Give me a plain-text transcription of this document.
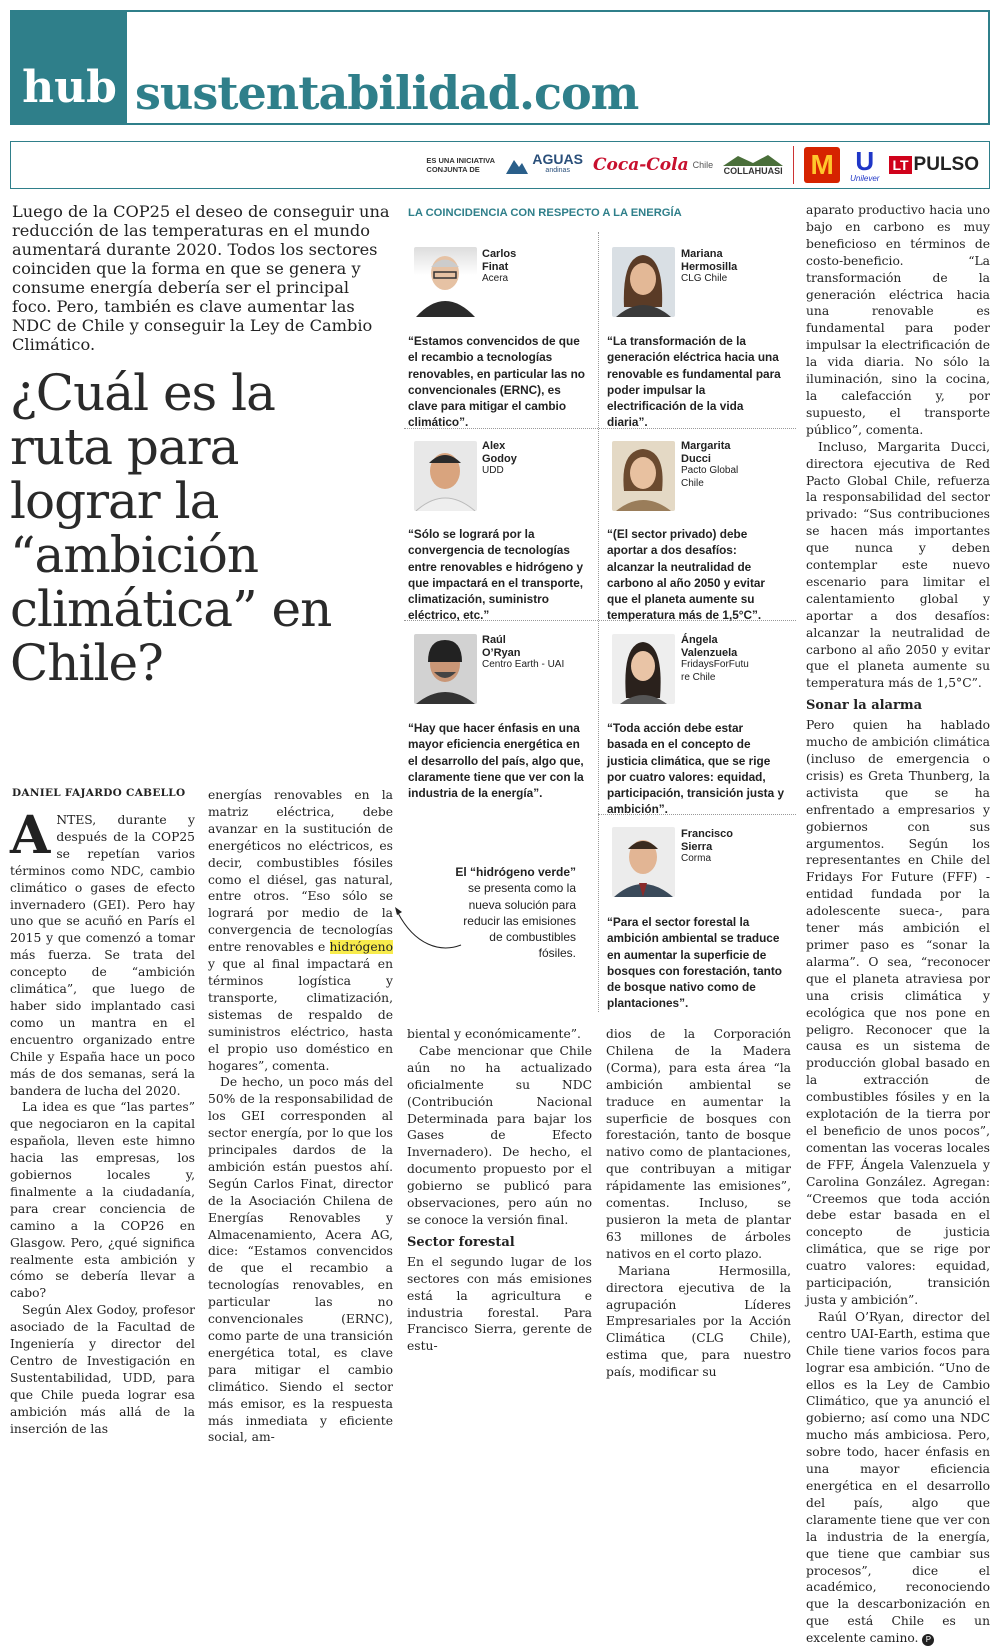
hub sustentabilidad.com
ES UNA INICIATIVA CONJUNTA DE
AGUAS
andinas	Coca-Cola Chile
COLLAHUASI M U
Unilever
LT PULSO
Luego de la COP25 el deseo de conseguir una reducción de las temperaturas en el mundo aumentará durante 2020. Todos los sectores coinciden que la forma en que se genera y consume energía debería ser el principal foco. Pero, también es clave aumentar las NDC de Chile y conseguir la Ley de Cambio Climático.
¿Cuál es la ruta para lograr la “ambición climática” en Chile?
DANIEL FAJARDO CABELLO

ANTES, durante y después de la COP25 se repetían varios términos como NDC, cambio climático o gases de efecto invernadero (GEI). Pero hay uno que se acuñó en París el 2015 y que comenzó a tomar más fuerza. Se trata del concepto de “ambición climática”, que luego de haber sido implantado casi como un mantra en el encuentro organizado entre Chile y España hace un poco más de dos semanas, será la bandera de lucha del 2020.

La idea es que “las partes” que negociaron en la capital española, lleven este himno hacia las empresas, los gobiernos locales y, finalmente a la ciudadanía, para crear conciencia de camino a la COP26 en Glasgow. Pero, ¿qué significa realmente esta ambición y cómo se debería llevar a cabo?

Según Alex Godoy, profesor asociado de la Facultad de Ingeniería y director del Centro de Investigación en Sustentabilidad, UDD, para que Chile pueda lograr esa ambición más allá de la inserción de las

energías renovables en la matriz eléctrica, debe avanzar en la sustitución de energéticos no eléctricos, es decir, combustibles fósiles como el diésel, gas natural, entre otros. “Eso sólo se logrará por medio de la convergencia de tecnologías entre renovables e hidrógeno y que al final impactará en términos logística y transporte, climatización, sistemas de respaldo de suministros eléctrico, hasta el propio uso doméstico en hogares”, comenta.

De hecho, un poco más del 50% de la responsabilidad de los GEI corresponden al sector energía, por lo que los principales dardos de la ambición están puestos ahí. Según Carlos Finat, director de la Asociación Chilena de Energías Renovables y Almacenamiento, Acera AG, dice: “Estamos convencidos de que el recambio a tecnologías renovables, en particular las no convencionales (ERNC), como parte de una transición energética total, es clave para mitigar el cambio climático. Siendo el sector más emisor, es la respuesta más inmediata y eficiente social, am-

El “hidrógeno verde” se presenta como la nueva solución para reducir las emisiones de combustibles fósiles.

biental y económicamente”.

Cabe mencionar que Chile aún no ha actualizado oficialmente su NDC (Contribución Nacional Determinada para bajar los Gases de Efecto Invernadero). De hecho, el documento propuesto por el gobierno se publicó para observaciones, pero aún no se conoce la versión final.

Sector forestal

En el segundo lugar de los sectores con más emisiones está la agricultura e industria forestal. Para Francisco Sierra, gerente de estu-

dios de la Corporación Chilena de la Madera (Corma), para esta área “la ambición ambiental se traduce en aumentar la superficie de bosques con forestación, tanto de bosque nativo como de plantaciones, que contribuyan a mitigar rápidamente las emisiones”, comentas. Incluso, se pusieron la meta de plantar 63 millones de árboles nativos en el corto plazo.

Mariana Hermosilla, directora ejecutiva de la agrupación Líderes Empresariales por la Acción Climática (CLG Chile), estima que, para nuestro país, modificar su

aparato productivo hacia uno bajo en carbono es muy beneficioso en términos de costo-beneficio. “La transformación de la generación eléctrica hacia una renovable es fundamental para poder impulsar la electrificación de la vida diaria. No sólo la iluminación, sino la cocina, la calefacción y, por supuesto, el transporte público”, comenta.

Incluso, Margarita Ducci, directora ejecutiva de Red Pacto Global Chile, refuerza la responsabilidad del sector privado: “Sus contribuciones se hacen más importantes que nunca y deben contemplar este nuevo escenario para limitar el calentamiento global y aportar a dos desafíos: alcanzar la neutralidad de carbono al año 2050 y evitar que el planeta aumente su temperatura más de 1,5°C”.

Sonar la alarma

Pero quien ha hablado mucho de ambición climática (incluso de emergencia o crisis) es Greta Thunberg, la activista que se ha enfrentado a empresarios y gobiernos con sus argumentos. Según los representantes en Chile del Fridays For Future (FFF) -entidad fundada por la adolescente sueca-, para tener más ambición el primer paso es “sonar la alarma”. O sea, “reconocer que el planeta atraviesa por una crisis climática y ecológica que nos pone en peligro. Reconocer que la causa es un sistema de producción global basado en la extracción de combustibles fósiles y en la explotación de la tierra por el beneficio de unos pocos”, comentan las voceras locales de FFF, Ángela Valenzuela y Carolina González. Agregan: “Creemos que toda acción debe estar basada en el concepto de justicia climática, que se rige por cuatro valores: equidad, participación, transición justa y ambición”.

Raúl O’Ryan, director del centro UAI-Earth, estima que Chile tiene varios focos para lograr esa ambición. “Uno de ellos es la Ley de Cambio Climático, que ya anunció el gobierno; así como una NDC mucho más ambiciosa. Pero, sobre todo, hacer énfasis en una mayor eficiencia energética en el desarrollo del país, algo que claramente tiene que ver con la industria de la energía, que tiene que cambiar sus procesos”, dice el académico, reconociendo que la descarbonización en que está Chile es un excelente camino. P

LA COINCIDENCIA CON RESPECTO A LA ENERGÍA
Carlos
Finat
Acera
Mariana
Hermosilla
CLG Chile
Alex
Godoy
UDD
Margarita
Ducci
Pacto Global Chile
Raúl
O’Ryan
Centro Earth - UAI
Ángela
Valenzuela
FridaysForFuture Chile
Francisco
Sierra
Corma
“Estamos convencidos de que el recambio a tecnologías renovables, en particular las no convencionales (ERNC), es clave para mitigar el cambio climático”.
“La transformación de la generación eléctrica hacia una renovable es fundamental para poder impulsar la electrificación de la vida diaria”.
“Sólo se logrará por la convergencia de tecnologías entre renovables e hidrógeno y que impactará en el transporte, climatización, suministro eléctrico, etc.”
“(El sector privado) debe aportar a dos desafíos: alcanzar la neutralidad de carbono al año 2050 y evitar que el planeta aumente su temperatura más de 1,5°C”.
“Hay que hacer énfasis en una mayor eficiencia energética en el desarrollo del país, algo que, claramente tiene que ver con la industria de la energía”.
“Toda acción debe estar basada en el concepto de justicia climática, que se rige por cuatro valores: equidad, participación, transición justa y ambición”.
“Para el sector forestal la ambición ambiental se traduce en aumentar la superficie de bosques con forestación, tanto de bosque nativo como de plantaciones”.
